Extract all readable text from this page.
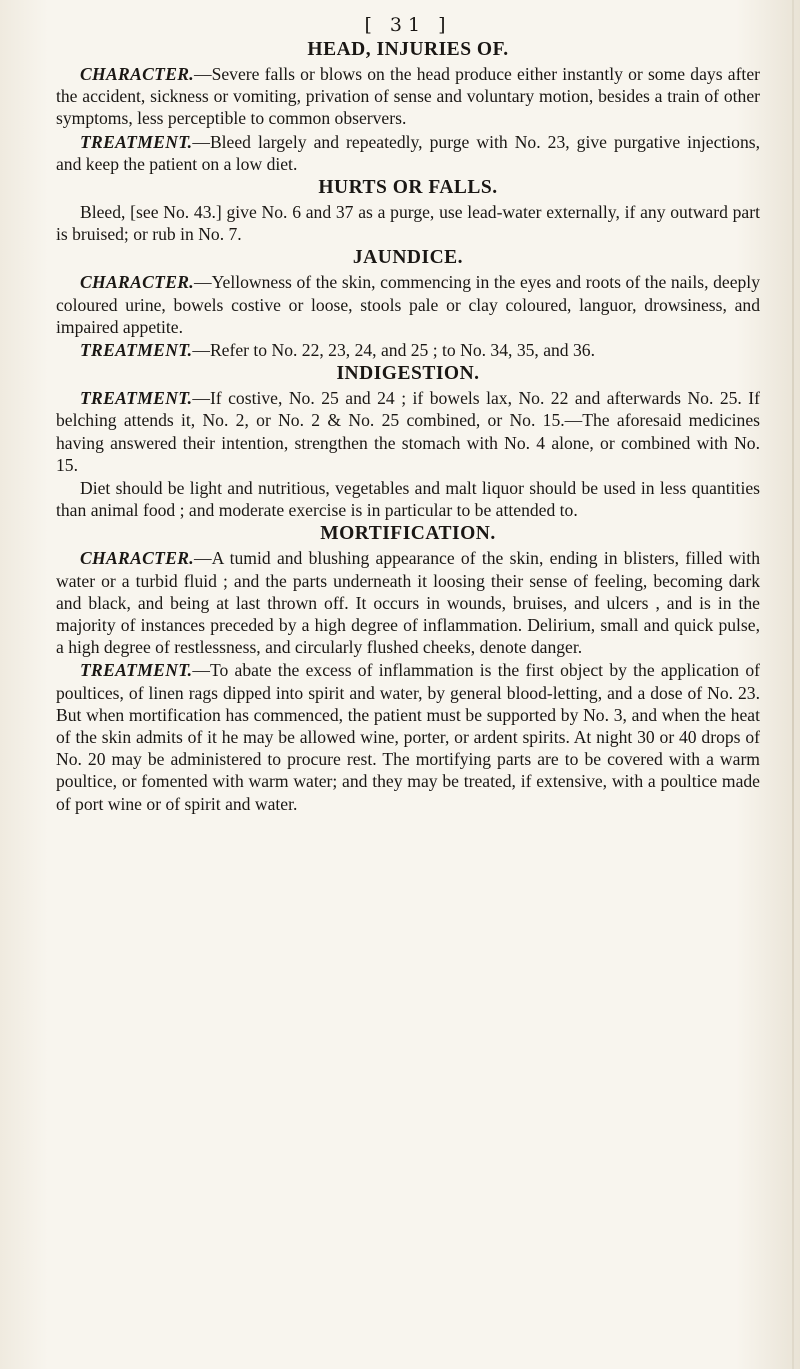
[ 31 ]
HEAD, INJURIES OF.

CHARACTER.—Severe falls or blows on the head produce either instantly or some days after the accident, sickness or vomiting, privation of sense and voluntary motion, besides a train of other symptoms, less perceptible to common observers.

TREATMENT.—Bleed largely and repeatedly, purge with No. 23, give purgative injections, and keep the patient on a low diet.

HURTS OR FALLS.

Bleed, [see No. 43.] give No. 6 and 37 as a purge, use lead-water externally, if any outward part is bruised; or rub in No. 7.

JAUNDICE.

CHARACTER.—Yellowness of the skin, commencing in the eyes and roots of the nails, deeply coloured urine, bowels costive or loose, stools pale or clay coloured, languor, drowsiness, and impaired appetite.

TREATMENT.—Refer to No. 22, 23, 24, and 25 ; to No. 34, 35, and 36.

INDIGESTION.

TREATMENT.—If costive, No. 25 and 24 ; if bowels lax, No. 22 and afterwards No. 25. If belching attends it, No. 2, or No. 2 & No. 25 combined, or No. 15.—The aforesaid medicines having answered their intention, strengthen the stomach with No. 4 alone, or combined with No. 15.

Diet should be light and nutritious, vegetables and malt liquor should be used in less quantities than animal food ; and moderate exercise is in particular to be attended to.

MORTIFICATION.

CHARACTER.—A tumid and blushing appearance of the skin, ending in blisters, filled with water or a turbid fluid ; and the parts underneath it loosing their sense of feeling, becoming dark and black, and being at last thrown off. It occurs in wounds, bruises, and ulcers , and is in the majority of instances preceded by a high degree of inflammation. Delirium, small and quick pulse, a high degree of restlessness, and circularly flushed cheeks, denote danger.

TREATMENT.—To abate the excess of inflammation is the first object by the application of poultices, of linen rags dipped into spirit and water, by general blood-letting, and a dose of No. 23. But when mortification has commenced, the patient must be supported by No. 3, and when the heat of the skin admits of it he may be allowed wine, porter, or ardent spirits. At night 30 or 40 drops of No. 20 may be administered to procure rest. The mortifying parts are to be covered with a warm poultice, or fomented with warm water; and they may be treated, if extensive, with a poultice made of port wine or of spirit and water.
